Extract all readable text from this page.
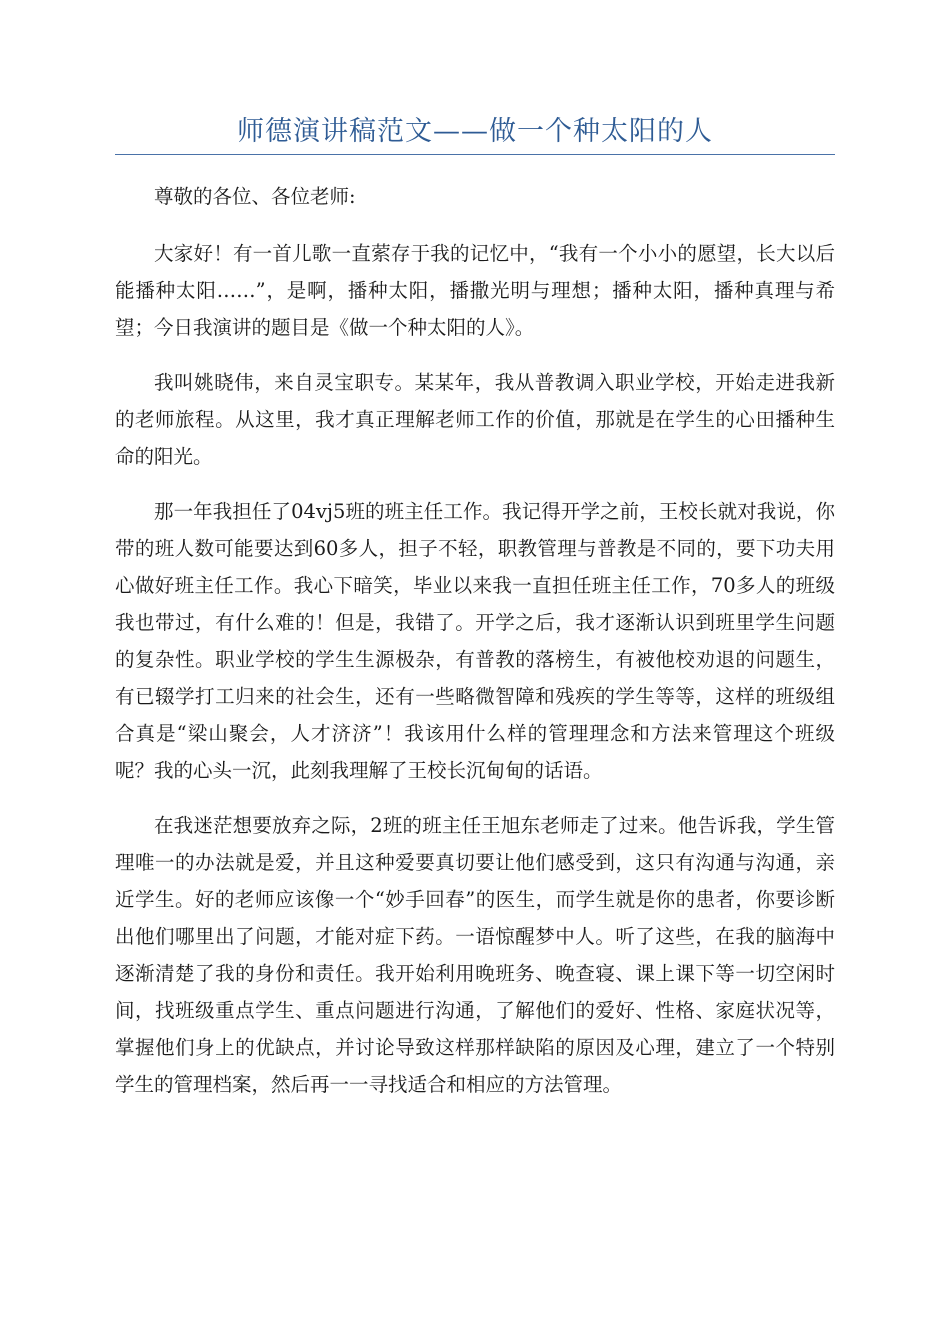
师德演讲稿范文——做一个种太阳的人

尊敬的各位、各位老师:

大家好！有一首儿歌一直萦存于我的记忆中，“我有一个小小的愿望，长大以后能播种太阳……”，是啊，播种太阳，播撒光明与理想；播种太阳，播种真理与希望；今日我演讲的题目是《做一个种太阳的人》。

我叫姚晓伟，来自灵宝职专。某某年，我从普教调入职业学校，开始走进我新的老师旅程。从这里，我才真正理解老师工作的价值，那就是在学生的心田播种生命的阳光。

那一年我担任了04vj5班的班主任工作。我记得开学之前，王校长就对我说，你带的班人数可能要达到60多人，担子不轻，职教管理与普教是不同的，要下功夫用心做好班主任工作。我心下暗笑，毕业以来我一直担任班主任工作，70多人的班级我也带过，有什么难的！但是，我错了。开学之后，我才逐渐认识到班里学生问题的复杂性。职业学校的学生生源极杂，有普教的落榜生，有被他校劝退的问题生，有已辍学打工归来的社会生，还有一些略微智障和残疾的学生等等，这样的班级组合真是“梁山聚会，人才济济”！我该用什么样的管理理念和方法来管理这个班级呢？我的心头一沉，此刻我理解了王校长沉甸甸的话语。

在我迷茫想要放弃之际，2班的班主任王旭东老师走了过来。他告诉我，学生管理唯一的办法就是爱，并且这种爱要真切要让他们感受到，这只有沟通与沟通，亲近学生。好的老师应该像一个“妙手回春”的医生，而学生就是你的患者，你要诊断出他们哪里出了问题，才能对症下药。一语惊醒梦中人。听了这些，在我的脑海中逐渐清楚了我的身份和责任。我开始利用晚班务、晚查寝、课上课下等一切空闲时间，找班级重点学生、重点问题进行沟通，了解他们的爱好、性格、家庭状况等，掌握他们身上的优缺点，并讨论导致这样那样缺陷的原因及心理，建立了一个特别学生的管理档案，然后再一一寻找适合和相应的方法管理。
